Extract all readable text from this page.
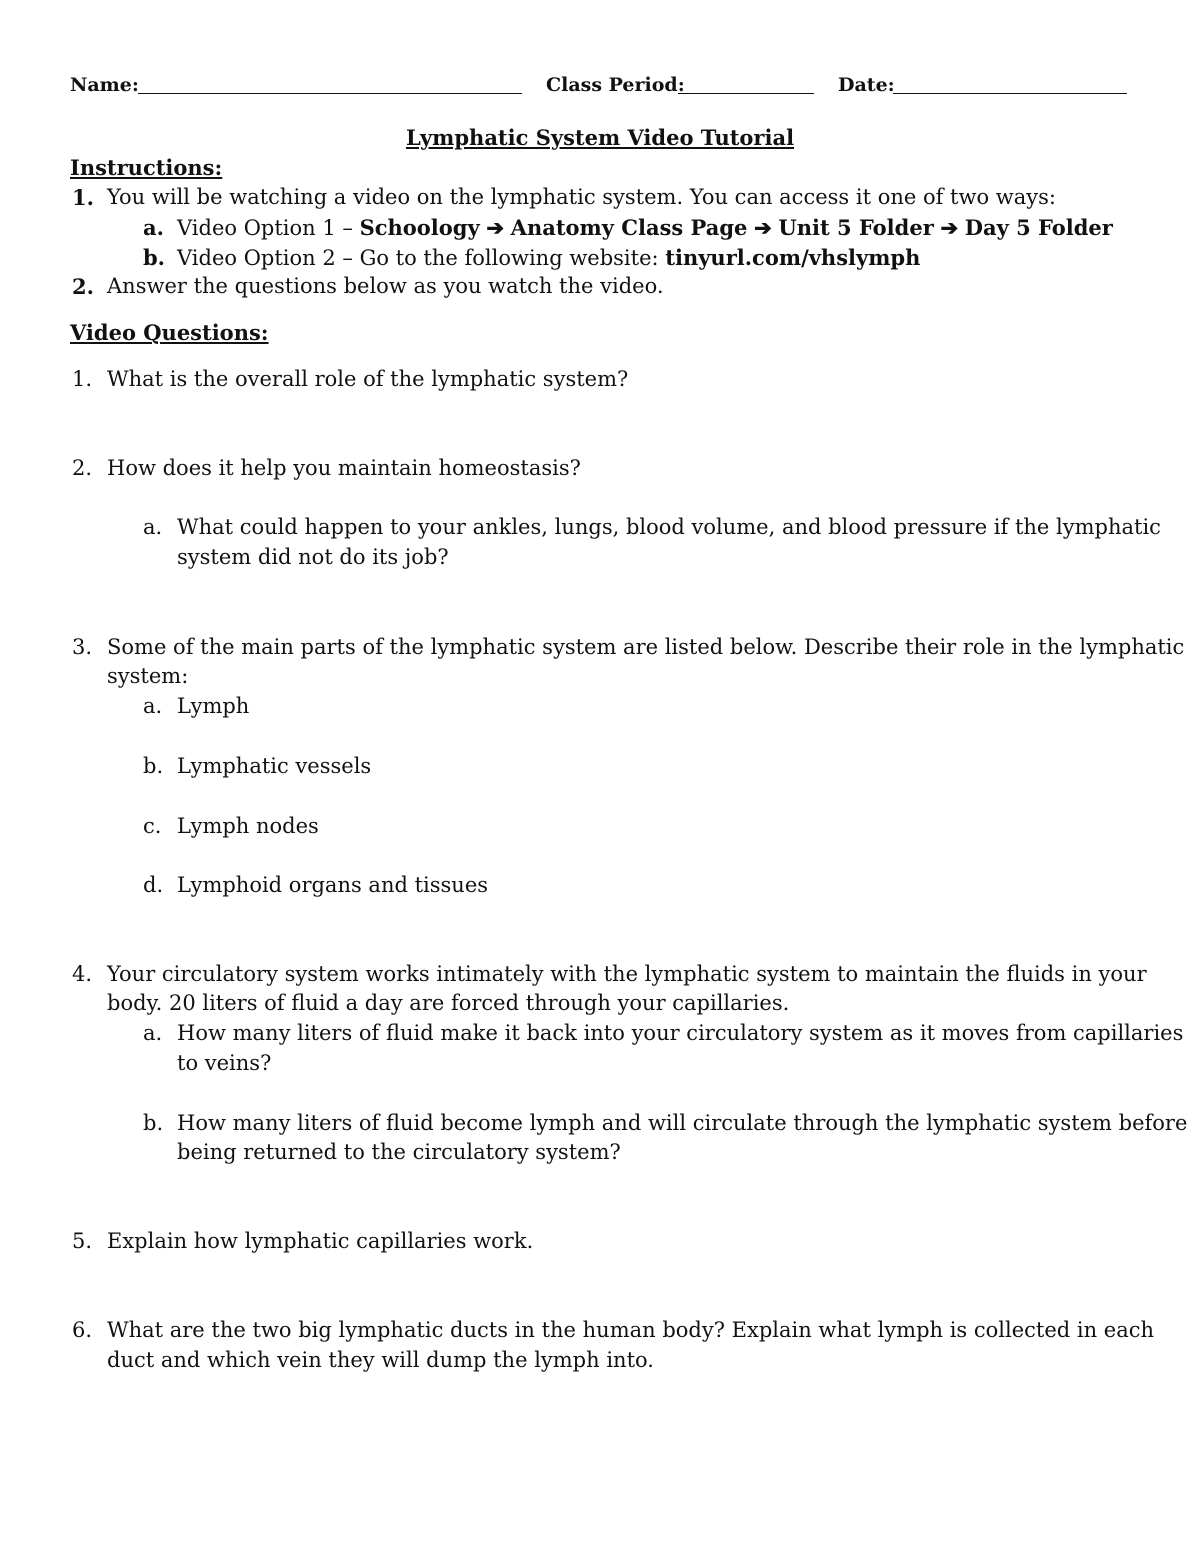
Name:	Class Period:	Date:
Lymphatic System Video Tutorial
Instructions:
1. You will be watching a video on the lymphatic system. You can access it one of two ways:
a. Video Option 1 – Schoology ➔ Anatomy Class Page ➔ Unit 5 Folder ➔ Day 5 Folder
b. Video Option 2 – Go to the following website: tinyurl.com/vhslymph
2. Answer the questions below as you watch the video.
Video Questions:
1. What is the overall role of the lymphatic system?
2. How does it help you maintain homeostasis?
a. What could happen to your ankles, lungs, blood volume, and blood pressure if the lymphatic
system did not do its job?
3. Some of the main parts of the lymphatic system are listed below. Describe their role in the lymphatic
system:
a. Lymph
b. Lymphatic vessels
c. Lymph nodes
d. Lymphoid organs and tissues
4. Your circulatory system works intimately with the lymphatic system to maintain the fluids in your
body. 20 liters of fluid a day are forced through your capillaries.
a. How many liters of fluid make it back into your circulatory system as it moves from capillaries
to veins?
b. How many liters of fluid become lymph and will circulate through the lymphatic system before
being returned to the circulatory system?
5. Explain how lymphatic capillaries work.
6. What are the two big lymphatic ducts in the human body? Explain what lymph is collected in each
duct and which vein they will dump the lymph into.
